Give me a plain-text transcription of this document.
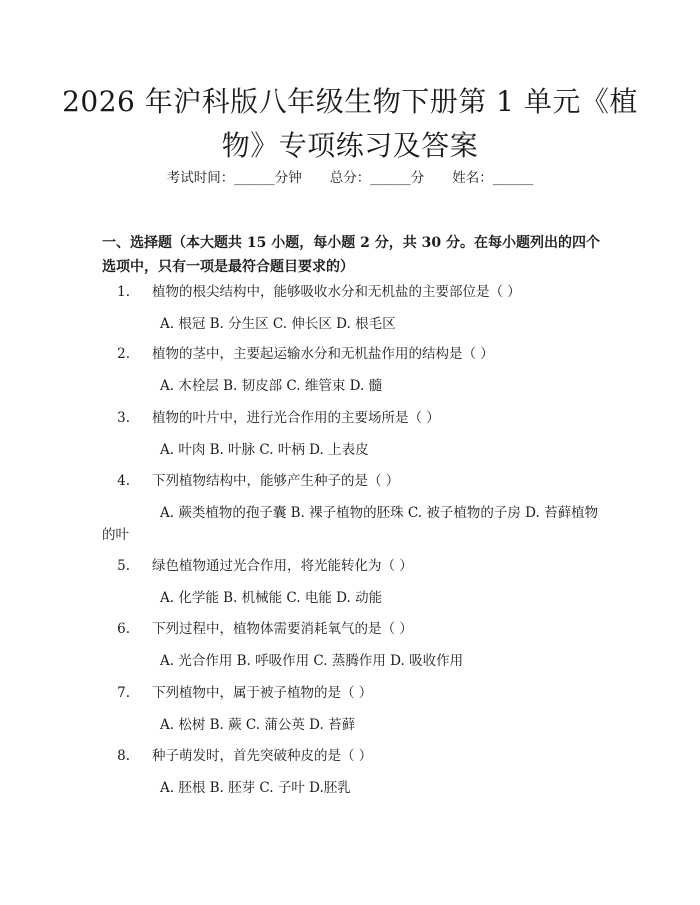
2026 年沪科版八年级生物下册第 1 单元《植
物》专项练习及答案
考试时间：______分钟 总分：______分 姓名：______

一、选择题（本大题共 15 小题，每小题 2 分，共 30 分。在每小题列出的四个选项中，只有一项是最符合题目要求的）

1. 植物的根尖结构中，能够吸收水分和无机盐的主要部位是（ ）
A. 根冠 B. 分生区 C. 伸长区 D. 根毛区
2. 植物的茎中，主要起运输水分和无机盐作用的结构是（ ）
A. 木栓层 B. 韧皮部 C. 维管束 D. 髓
3. 植物的叶片中，进行光合作用的主要场所是（ ）
A. 叶肉 B. 叶脉 C. 叶柄 D. 上表皮
4. 下列植物结构中，能够产生种子的是（ ）
A. 蕨类植物的孢子囊 B. 裸子植物的胚珠 C. 被子植物的子房 D. 苔藓植物的叶
5. 绿色植物通过光合作用，将光能转化为（ ）
A. 化学能 B. 机械能 C. 电能 D. 动能
6. 下列过程中，植物体需要消耗氧气的是（ ）
A. 光合作用 B. 呼吸作用 C. 蒸腾作用 D. 吸收作用
7. 下列植物中，属于被子植物的是（ ）
A. 松树 B. 蕨 C. 蒲公英 D. 苔藓
8. 种子萌发时，首先突破种皮的是（ ）
A. 胚根 B. 胚芽 C. 子叶 D.胚乳
